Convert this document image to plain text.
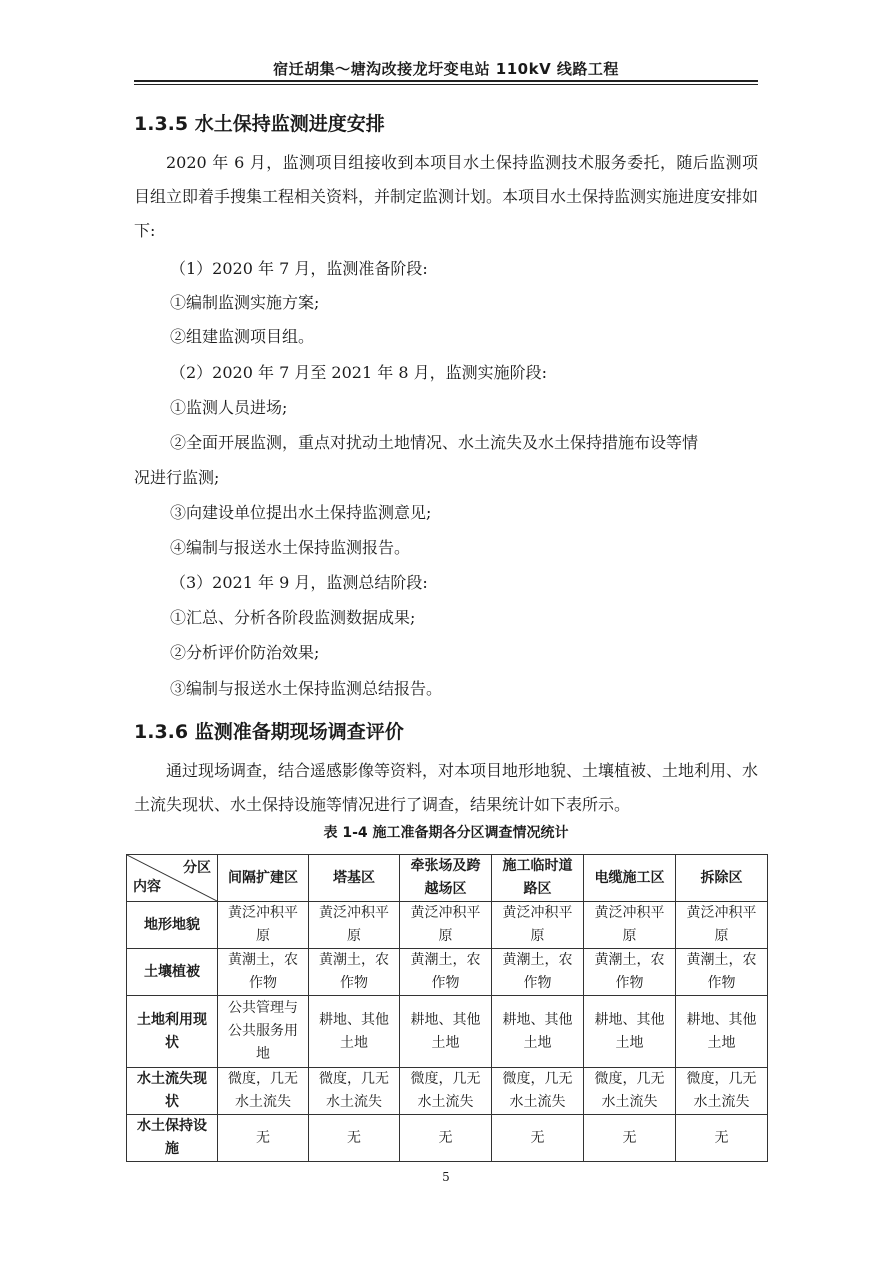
宿迁胡集～塘沟改接龙圩变电站 110kV 线路工程
1.3.5 水土保持监测进度安排

2020 年 6 月，监测项目组接收到本项目水土保持监测技术服务委托，随后监测项目组立即着手搜集工程相关资料，并制定监测计划。本项目水土保持监测实施进度安排如下:

（1）2020 年 7 月，监测准备阶段:
①编制监测实施方案;
②组建监测项目组。
（2）2020 年 7 月至 2021 年 8 月，监测实施阶段:
①监测人员进场;
②全面开展监测，重点对扰动土地情况、水土流失及水土保持措施布设等情
况进行监测;
③向建设单位提出水土保持监测意见;
④编制与报送水土保持监测报告。
（3）2021 年 9 月，监测总结阶段:
①汇总、分析各阶段监测数据成果;
②分析评价防治效果;
③编制与报送水土保持监测总结报告。
1.3.6 监测准备期现场调查评价

通过现场调查，结合遥感影像等资料，对本项目地形地貌、土壤植被、土地利用、水土流失现状、水土保持设施等情况进行了调查，结果统计如下表所示。

表 1-4 施工准备期各分区调查情况统计
分区
内容	间隔扩建区	塔基区	牵张场及跨越场区	施工临时道路区	电缆施工区	拆除区
地形地貌	黄泛冲积平原	黄泛冲积平原	黄泛冲积平原	黄泛冲积平原	黄泛冲积平原	黄泛冲积平原
土壤植被	黄潮土，农作物	黄潮土，农作物	黄潮土，农作物	黄潮土，农作物	黄潮土，农作物	黄潮土，农作物
土地利用现状	公共管理与公共服务用地	耕地、其他土地	耕地、其他土地	耕地、其他土地	耕地、其他土地	耕地、其他土地
水土流失现状	微度，几无水土流失	微度，几无水土流失	微度，几无水土流失	微度，几无水土流失	微度，几无水土流失	微度，几无水土流失
水土保持设施	无	无	无	无	无	无
5
